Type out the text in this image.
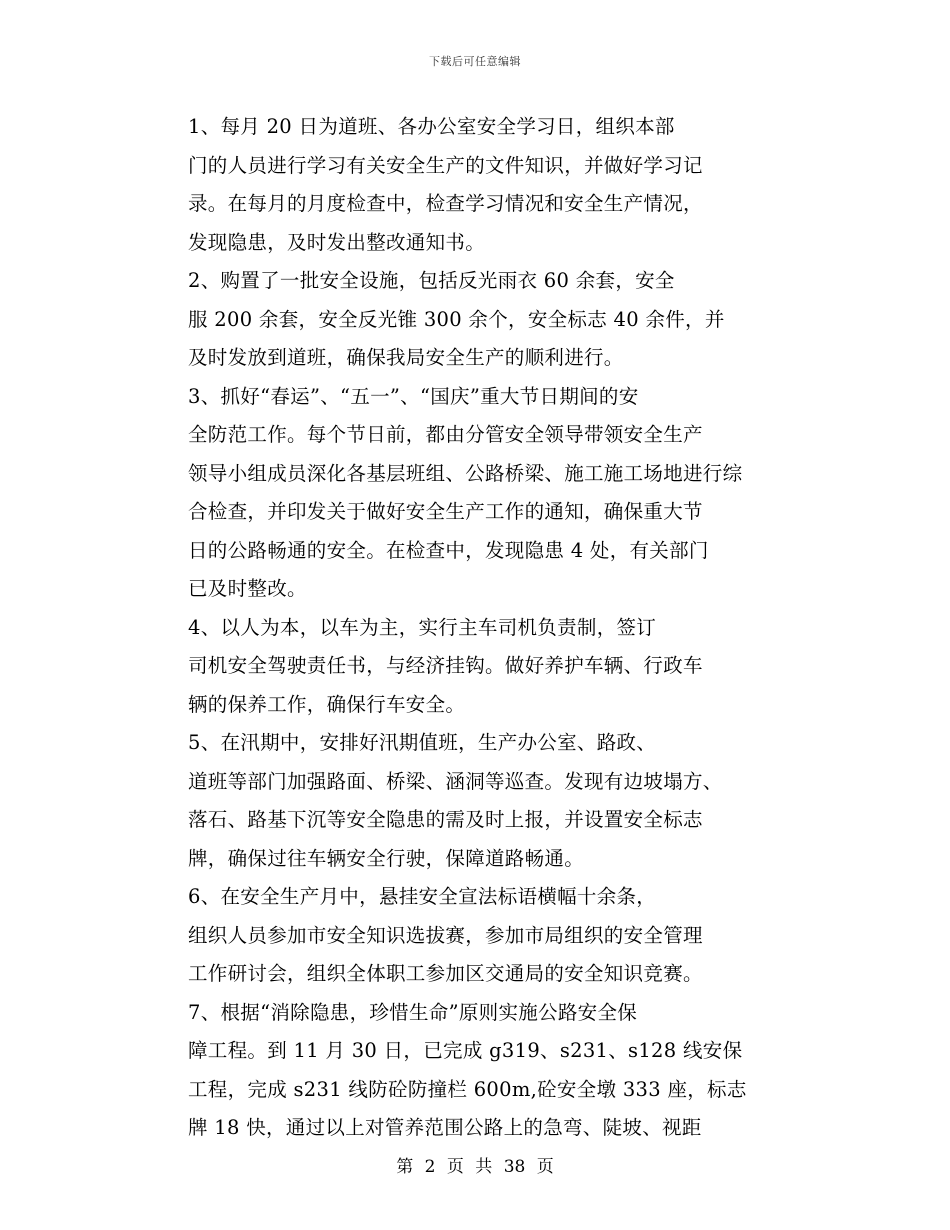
下载后可任意编辑
1、每月 20 日为道班、各办公室安全学习日，组织本部
门的人员进行学习有关安全生产的文件知识，并做好学习记
录。在每月的月度检查中，检查学习情况和安全生产情况，
发现隐患，及时发出整改通知书。
2、购置了一批安全设施，包括反光雨衣 60 余套，安全
服 200 余套，安全反光锥 300 余个，安全标志 40 余件，并
及时发放到道班，确保我局安全生产的顺利进行。
3、抓好“春运”、“五一”、“国庆”重大节日期间的安
全防范工作。每个节日前，都由分管安全领导带领安全生产
领导小组成员深化各基层班组、公路桥梁、施工施工场地进行综
合检查，并印发关于做好安全生产工作的通知，确保重大节
日的公路畅通的安全。在检查中，发现隐患 4 处，有关部门
已及时整改。
4、以人为本，以车为主，实行主车司机负责制，签订
司机安全驾驶责任书，与经济挂钩。做好养护车辆、行政车
辆的保养工作，确保行车安全。
5、在汛期中，安排好汛期值班，生产办公室、路政、
道班等部门加强路面、桥梁、涵洞等巡查。发现有边坡塌方、
落石、路基下沉等安全隐患的需及时上报，并设置安全标志
牌，确保过往车辆安全行驶，保障道路畅通。
6、在安全生产月中，悬挂安全宣法标语横幅十余条，
组织人员参加市安全知识选拔赛，参加市局组织的安全管理
工作研讨会，组织全体职工参加区交通局的安全知识竞赛。
7、根据“消除隐患，珍惜生命”原则实施公路安全保
障工程。到 11 月 30 日，已完成 g319、s231、s128 线安保
工程，完成 s231 线防砼防撞栏 600m,砼安全墩 333 座，标志
牌 18 快，通过以上对管养范围公路上的急弯、陡坡、视距
第 2 页 共 38 页
